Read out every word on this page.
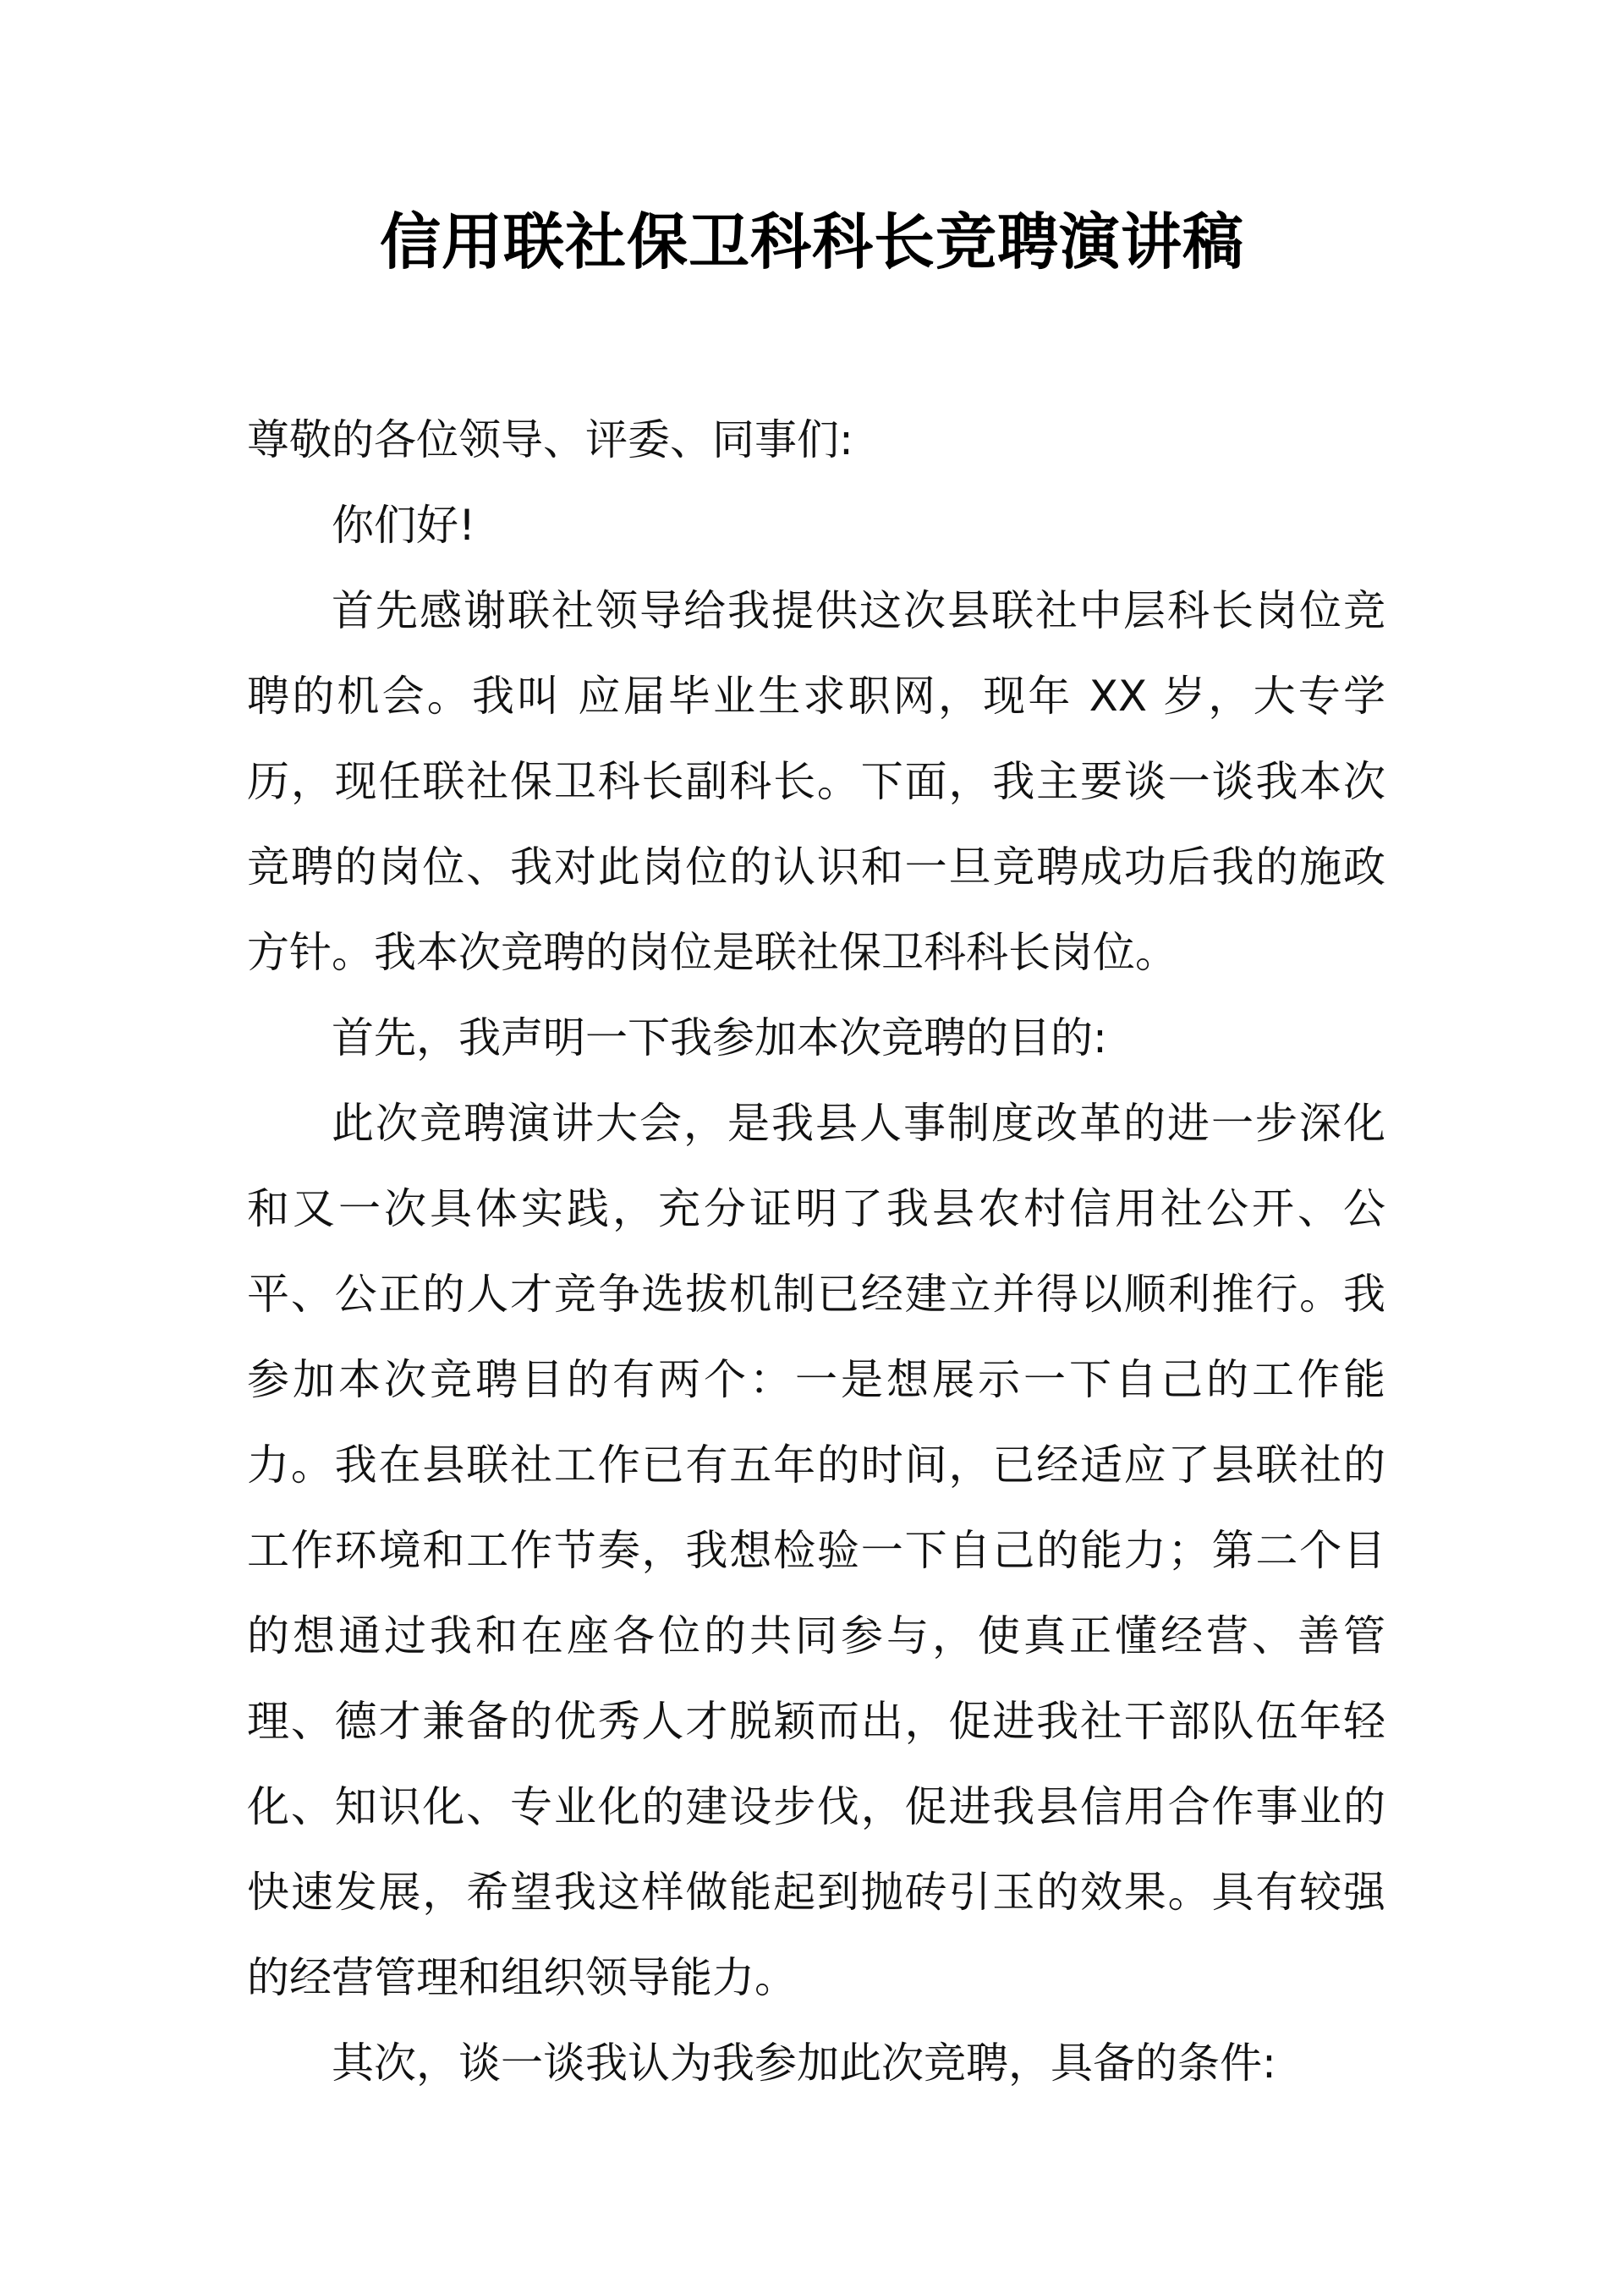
信用联社保卫科科长竞聘演讲稿

尊敬的各位领导、评委、同事们:

你们好!

首先感谢联社领导给我提供这次县联社中层科长岗位竞聘的机会。我叫 应届毕业生求职网，现年 XX 岁，大专学历，现任联社保卫科长副科长。下面，我主要谈一谈我本次竞聘的岗位、我对此岗位的认识和一旦竞聘成功后我的施政方针。我本次竞聘的岗位是联社保卫科科长岗位。

首先，我声明一下我参加本次竞聘的目的:

此次竞聘演讲大会，是我县人事制度改革的进一步深化和又一次具体实践，充分证明了我县农村信用社公开、公平、公正的人才竞争选拔机制已经建立并得以顺利推行。我参加本次竞聘目的有两个：一是想展示一下自己的工作能力。我在县联社工作已有五年的时间，已经适应了县联社的工作环境和工作节奏，我想检验一下自己的能力；第二个目的想通过我和在座各位的共同参与，使真正懂经营、善管理、德才兼备的优秀人才脱颖而出，促进我社干部队伍年轻化、知识化、专业化的建设步伐，促进我县信用合作事业的快速发展，希望我这样做能起到抛砖引玉的效果。具有较强的经营管理和组织领导能力。

其次，谈一谈我认为我参加此次竞聘，具备的条件:
